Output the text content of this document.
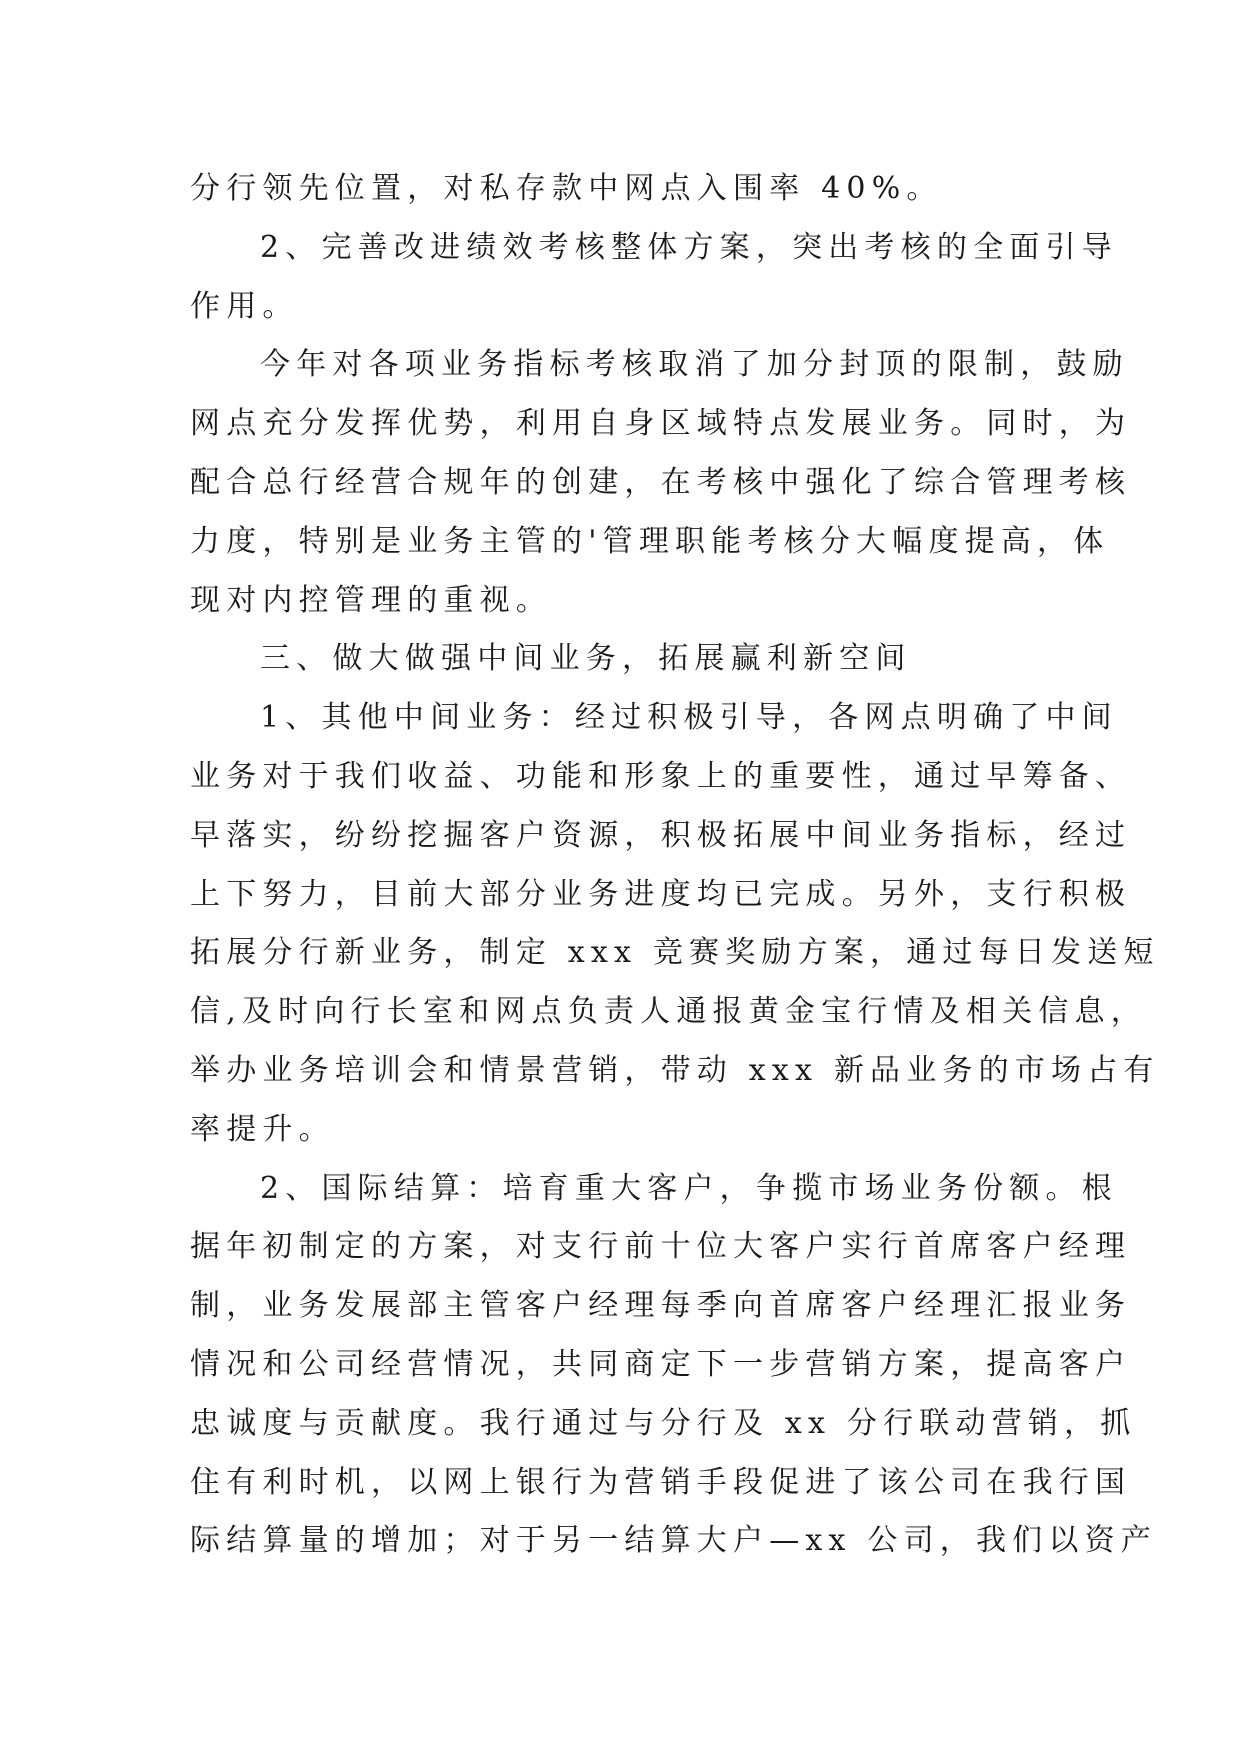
分行领先位置，对私存款中网点入围率 40%。
2、完善改进绩效考核整体方案，突出考核的全面引导
作用。
今年对各项业务指标考核取消了加分封顶的限制，鼓励
网点充分发挥优势，利用自身区域特点发展业务。同时，为
配合总行经营合规年的创建，在考核中强化了综合管理考核
力度，特别是业务主管的'管理职能考核分大幅度提高，体
现对内控管理的重视。
三、做大做强中间业务，拓展赢利新空间
1、其他中间业务：经过积极引导，各网点明确了中间
业务对于我们收益、功能和形象上的重要性，通过早筹备、
早落实，纷纷挖掘客户资源，积极拓展中间业务指标，经过
上下努力，目前大部分业务进度均已完成。另外，支行积极
拓展分行新业务，制定 xxx 竞赛奖励方案，通过每日发送短
信,及时向行长室和网点负责人通报黄金宝行情及相关信息，
举办业务培训会和情景营销，带动 xxx 新品业务的市场占有
率提升。
2、国际结算：培育重大客户，争揽市场业务份额。根
据年初制定的方案，对支行前十位大客户实行首席客户经理
制，业务发展部主管客户经理每季向首席客户经理汇报业务
情况和公司经营情况，共同商定下一步营销方案，提高客户
忠诚度与贡献度。我行通过与分行及 xx 分行联动营销，抓
住有利时机，以网上银行为营销手段促进了该公司在我行国
际结算量的增加；对于另一结算大户—xx 公司，我们以资产
